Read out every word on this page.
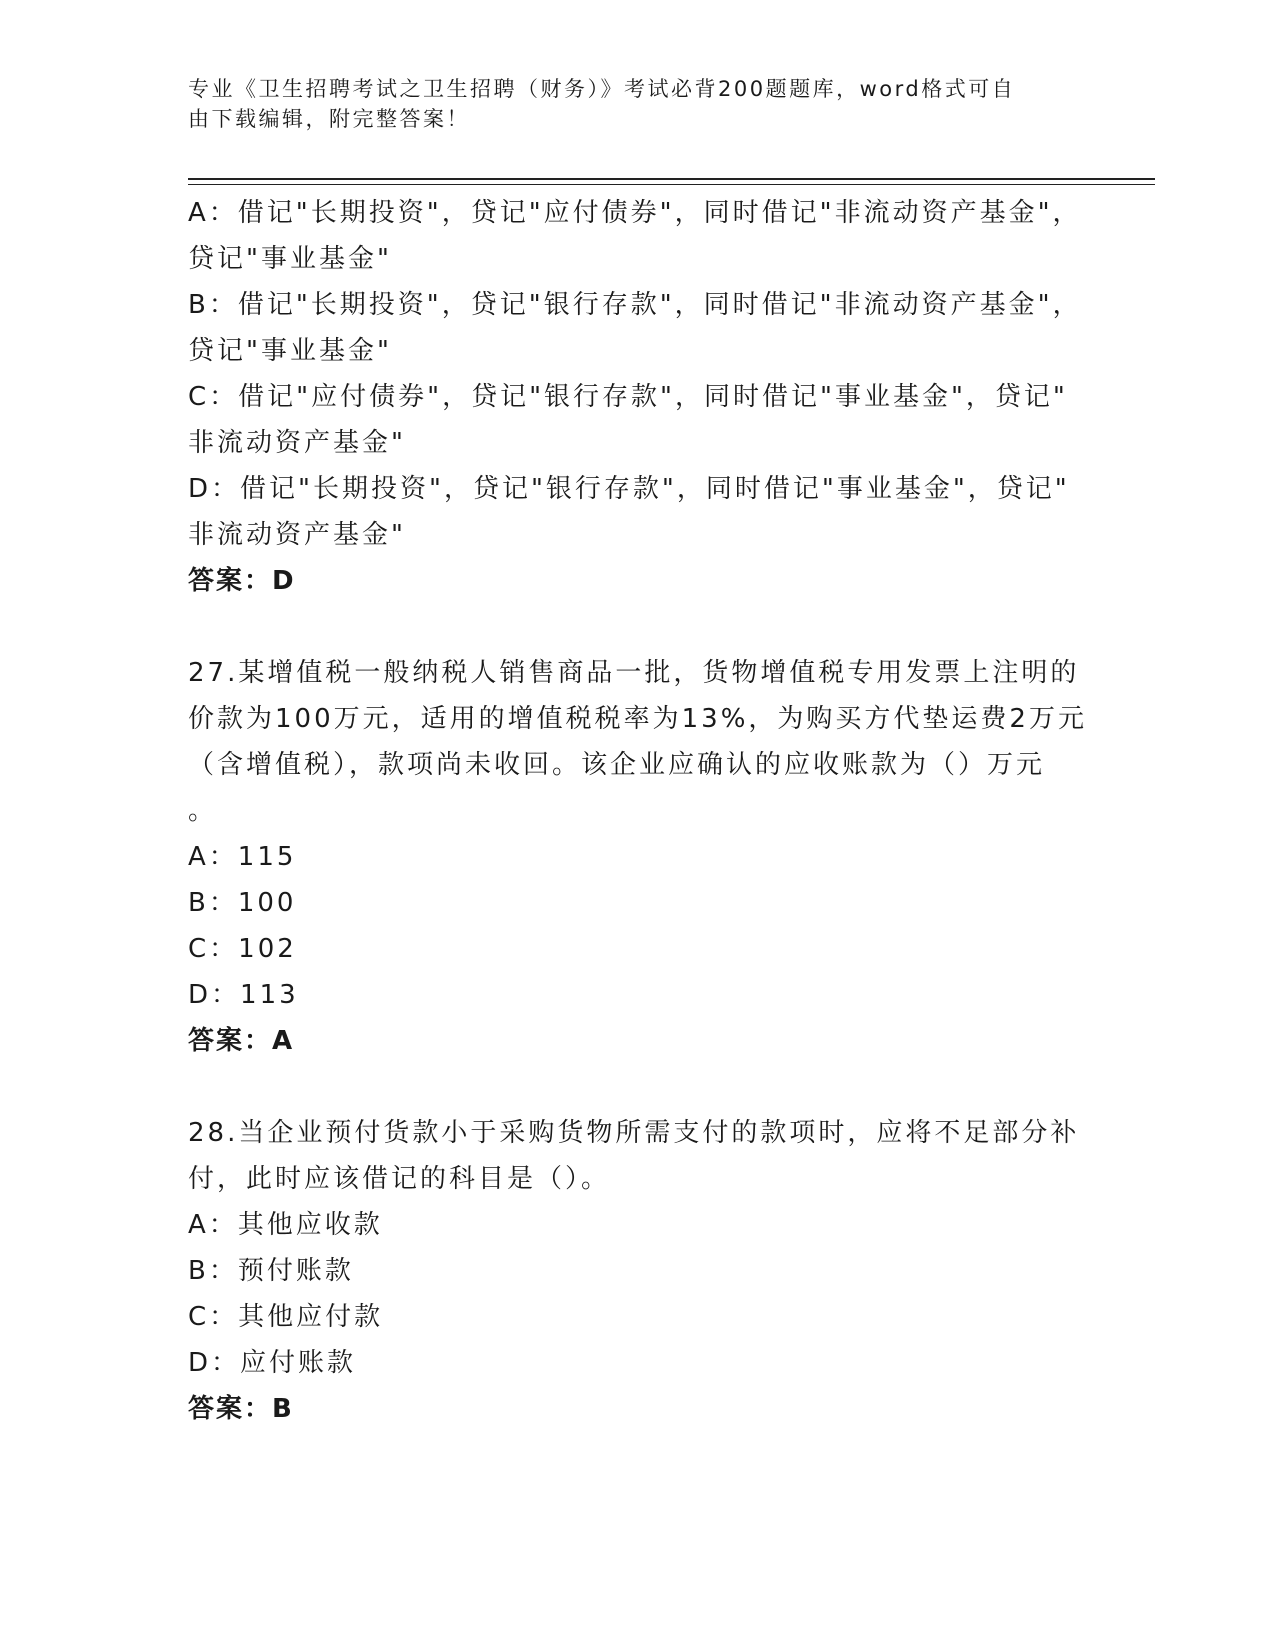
专业《卫生招聘考试之卫生招聘（财务）》考试必背200题题库，word格式可自
由下载编辑，附完整答案！
A：借记"长期投资"，贷记"应付债券"，同时借记"非流动资产基金"，
贷记"事业基金"
B：借记"长期投资"，贷记"银行存款"，同时借记"非流动资产基金"，
贷记"事业基金"
C：借记"应付债券"，贷记"银行存款"，同时借记"事业基金"，贷记"
非流动资产基金"
D：借记"长期投资"，贷记"银行存款"，同时借记"事业基金"，贷记"
非流动资产基金"
答案：D
27.某增值税一般纳税人销售商品一批，货物增值税专用发票上注明的
价款为100万元，适用的增值税税率为13%，为购买方代垫运费2万元
（含增值税），款项尚未收回。该企业应确认的应收账款为（）万元
。
A：115
B：100
C：102
D：113
答案：A
28.当企业预付货款小于采购货物所需支付的款项时，应将不足部分补
付，此时应该借记的科目是（）。
A：其他应收款
B：预付账款
C：其他应付款
D：应付账款
答案：B
